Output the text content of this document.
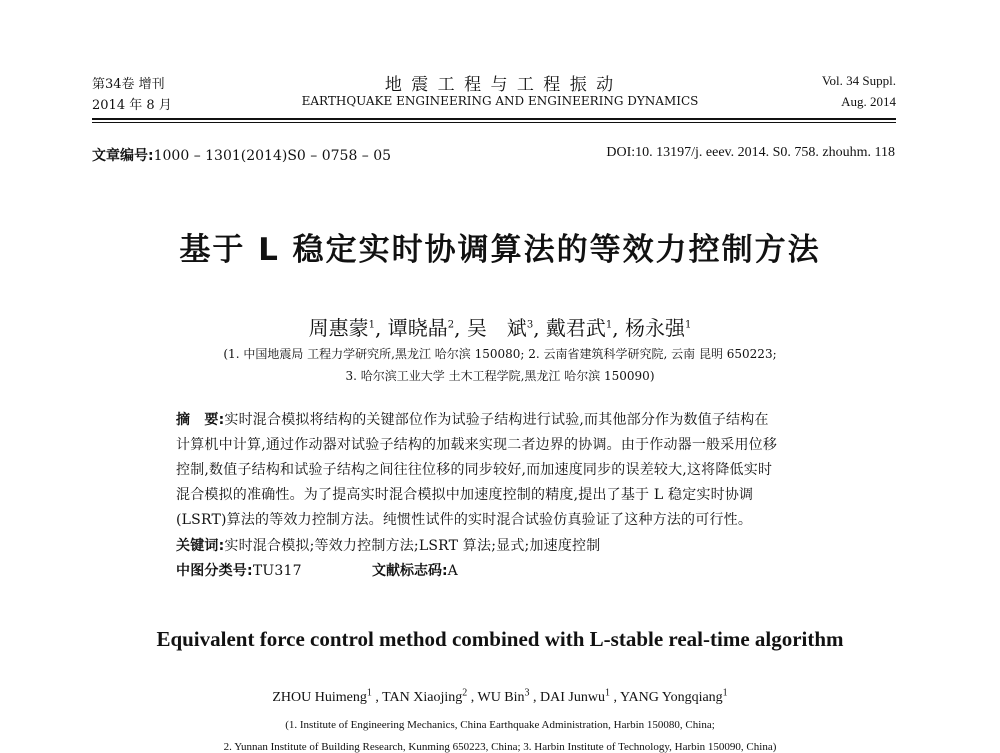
第34卷 增刊
2014 年 8 月
地 震 工 程 与 工 程 振 动
EARTHQUAKE ENGINEERING AND ENGINEERING DYNAMICS
Vol. 34 Suppl.
Aug. 2014
文章编号:1000 – 1301(2014)S0 – 0758 – 05	DOI:10. 13197/j. eeev. 2014. S0. 758. zhouhm. 118
基于 L 稳定实时协调算法的等效力控制方法
周惠蒙$^1$, 谭晓晶$^2$, 吴　斌$^3$, 戴君武$^1$, 杨永强$^1$
(1. 中国地震局 工程力学研究所,黑龙江 哈尔滨 150080; 2. 云南省建筑科学研究院, 云南 昆明 650223;
3. 哈尔滨工业大学 土木工程学院,黑龙江 哈尔滨 150090)
摘　要:实时混合模拟将结构的关键部位作为试验子结构进行试验,而其他部分作为数值子结构在
计算机中计算,通过作动器对试验子结构的加载来实现二者边界的协调。由于作动器一般采用位移
控制,数值子结构和试验子结构之间往往位移的同步较好,而加速度同步的误差较大,这将降低实时
混合模拟的准确性。为了提高实时混合模拟中加速度控制的精度,提出了基于 L 稳定实时协调
(LSRT)算法的等效力控制方法。纯惯性试件的实时混合试验仿真验证了这种方法的可行性。
关键词:实时混合模拟;等效力控制方法;LSRT 算法;显式;加速度控制
中图分类号:TU317	文献标志码:A
Equivalent force control method combined with L-stable real-time algorithm
ZHOU Huimeng$^1$ , TAN Xiaojing$^2$ , WU Bin$^3$ , DAI Junwu$^1$ , YANG Yongqiang$^1$
(1. Institute of Engineering Mechanics, China Earthquake Administration, Harbin 150080, China;
2. Yunnan Institute of Building Research, Kunming 650223, China; 3. Harbin Institute of Technology, Harbin 150090, China)
